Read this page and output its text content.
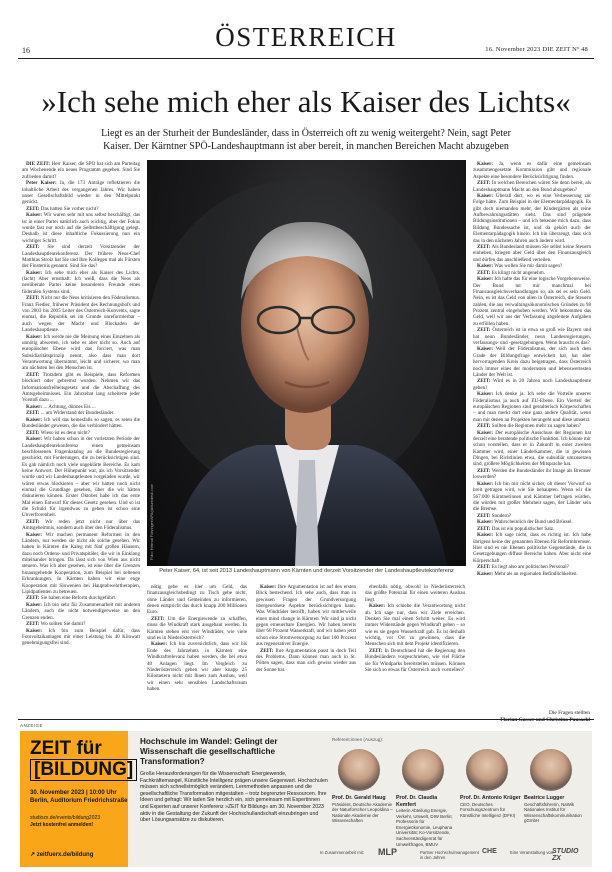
16	ÖSTERREICH	16. November 2023 DIE ZEIT Nº 48
»Ich sehe mich eher als Kaiser des Lichts«
Liegt es an der Sturheit der Bundesländer, dass in Österreich oft zu wenig weitergeht? Nein, sagt Peter Kaiser. Der Kärntner SPÖ-Landeshauptmann ist aber bereit, in manchen Bereichen Macht abzugeben

DIE ZEIT: Herr Kaiser, die SPÖ hat sich am Parteitag am Wochenende ein neues Programm gegeben. Sind Sie zufrieden damit?

Peter Kaiser: Ja, die 173 Anträge reflektieren die inhaltliche Arbeit des vergangenen Jahres. Wir haben unser Gesellschaftsbild wieder in den Mittelpunkt gerückt.

ZEIT: Das hatten Sie vorher nicht?

Kaiser: Wir waren sehr mit uns selbst beschäftigt, das ist in einer Partei natürlich auch wichtig, aber der Fokus wurde fast nur noch auf die Selbstbeschäftigung gelegt. Deshalb ist diese inhaltliche Fokussierung nun ein wichtiger Schritt.

ZEIT: Sie sind derzeit Vorsitzender der Landeshauptleutekonferenz. Der frühere Neos-Chef Matthias Strolz hat Sie und Ihre Kollegen mal als Fürsten der Finsternis genannt. Sind Sie das?

Kaiser: Ich sehe mich eher als Kaiser des Lichts. (lacht) Aber ernsthaft: Ich weiß, dass die Neos als neoliberale Partei keine besonderen Freunde eines föderalen Systems sind.

ZEIT: Nicht nur die Neos kritisieren den Föderalismus. Franz Fiedler, früherer Präsident des Rechnungshofs und von 2003 bis 2005 Leiter des Österreich-Konvents, sagte einmal, die Republik sei im Grunde unreformierbar – auch wegen der Macht und Blockaden der Landeshauptleute.

Kaiser: Ich werde nie die Meinung eines Einzelnen als unnötig abwerten, ich sehe es aber nicht so. Auch auf europäischer Ebene wird das forciert, was man Subsidiaritätsprinzip nennt, also dass man dort Verantwortung übernimmt, leicht und sicherer, wo man am nächsten bei den Menschen ist.

ZEIT: Trotzdem gibt es Beispiele, dass Reformen blockiert oder gebremst wurden. Nehmen wir das Informationsfreiheitsgesetz und die Abschaffung des Amtsgeheimnisses. Ein Jahrzehnt lang scheiterte jeder Vorstoß dazu ...

Kaiser: ... Achtung, dünnes Eis ...

ZEIT: ... am Widerstand der Bundesländer.

Kaiser: Ich will das keinesfalls so sagen, es seien die Bundesländer gewesen, die das verhindert hätten.

ZEIT: Wieso ist es denn nicht?

Kaiser: Wir haben schon in der vorletzten Periode der Landeshauptleutekonferenz einen gemeinsam beschlossenen Fragenkatalog an die Bundesregierung geschickt, mit Forderungen, die zu berücksichtigen sind. Es gab nämlich noch viele ungeklärte Bereiche. Es kam keine Antwort. Der Höhepunkt war, als ich Vorsitzender wurde und wir Landeshauptleuten vorgeladen wurde, wir wären etwas blockieren – aber wir hatten noch nicht einmal die Grundlage gesehen, über die wir hätten diskutieren können. Erster Oktober habe ich das erste Mal einen Entwurf für dieses Gesetz gesehen. Und so ist die Schuld für irgendwas zu gehen ist schon eine Unverfrorenheit.

ZEIT: Wir reden jetzt nicht nur über das Amtsgeheimnis, sondern auch über den Föderalismus.

Kaiser: Wir machen permanent Reformen in den Ländern, nur werden sie nicht als solche gesehen. Wir haben in Kärnten die Kaleg mit fünf großen Häusern, dazu noch Ordens- und Privatspitäler, die wir in Einklang miteinander bringen. Da lässt sich von Wien aus nicht steuern. Was ich aber gesehen, ist eine über die Grenzen hinausgehende Kooperation, zum Beispiel bei seltenen Erkrankungen. In Kärnten haben wir eine enge Kooperation mit Slowenien bei Hauptabwehrtherapien, Lipidpatienten zu betreuen.

ZEIT: Sie haben eine Reform durchgeführt.

Kaiser: Ich bin sehr für Zusammenarbeit mit anderen Ländern, auch die nicht notwendigerweise an den Grenzen enden.

ZEIT: Wo sollten Sie damit?

Kaiser: Ich bin zum Beispiel dafür, dass Fotovoltaikanlagen mit einer Leistung bis 40 Kilowatt genehmigungsfrei sind.

Foto: Helmut Fohringer/APA/picturedesk.com
Peter Kaiser, 64, ist seit 2013 Landeshauptmann von Kärnten und derzeit Vorsitzender der Landeshauptleutekonferenz

nötig gebe es hier um Geld, das finanzausgleichsbedingt zu Tisch gebe nicht, ohne Länder und Gemeinden zu informieren, denen entspricht das durch knapp 200 Millionen Euro.

ZEIT: Um die Energiewende zu schaffen, muss die Windkraft stark ausgebaut werden. In Kärnten stehen erst vier Windräder, wie viele sind es in Niederösterreich?

Kaiser: Ich bin zuversichtlich, dass wir bis Ende des Jahrzehnts in Kärnten eine Windkraftrelevanz haben werden, die bei etwa 40 Anlagen liegt. Im Vergleich zu Niederösterreich geben wir aber knapp 25 Kilometern nicht mit Ihnen zum Ausbau, weil wir einen sehr sensiblen Landschaftsraum haben.

Kaiser: Ihre Argumentation ist auf den ersten Blick bestechend. Ich sehe auch, dass man in gewissen Fragen der Grundversorgung übergeordnete Aspekte berücksichtigen kann. Was Windräder betrifft, haben wir mittlerweile einen mind change in Kärnten. Wir sind ja nicht gegen erneuerbare Energien. Wir haben bereits über 60 Prozent Wasserkraft, und wir haben jetzt schon eine Stromversorgung zu fast 100 Prozent aus regenerativer Energie.

ZEIT: Ihre Argumentation passt in doch Teil des Problems. Dann können man auch in St. Pölten sagen, dass man sich gewiss wieder aus der Sonne hat.

ebenfalls nötig, obwohl in Niederösterreich das größte Potenzial für einen weiteren Ausbau liegt.

Kaiser: Ich schiebe die Verantwortung nicht ab. Ich sage nur, dass wir Ziele erreichen. Denken Sie mal einen Schritt weiter. Es wird immer Widerstände gegen Windkraft geben – so wie es sie gegen Wasserkraft gab. Es ist deshalb wichtig, vor Ort zu gewinnen, dass die Menschen sich mit dem Projekt identifizieren.

ZEIT: In Deutschland hat die Regierung den Bundesländern vorgeschrieben, wie viel Fläche sie für Windparks bereitstellen müssen. Können Sie sich so etwas für Österreich auch vorstellen?

Kaiser: Ja, wenn es dafür eine gemeinsam zusammengesetzte Kommission gibt und regionale Aspekte eine besondere Berücksichtigung finden.

ZEIT: In welchen Bereichen wären Sie denn bereit, als Landeshauptmann Macht an den Bund abzugeben?

Kaiser: Überall dort, wo es eine Verbesserung zur Folge hätte. Zum Beispiel in der Elementarpädagogik. Es gibt doch niemanden mehr, der Kindergärten als reine Aufbewahrungsstätten sieht. Das sind prägende Bildungsinstitutionen – und ich bekenne mich dazu, dass Bildung Bundessache ist, und da gehört auch der Elementarpädagogik hinein. Ich bin überzeugt, dass sich das in den nächsten Jahren auch ändern wird.

ZEIT: Als Bundesland müssen Sie selbst keine Steuern einheben, kriegen aber Geld über den Finanzausgleich und dürfen das anschließend verteilen.

Kaiser: Was wollen Sie mir damit sagen?

ZEIT: Es klingt nicht angenehm.

Kaiser: Ich halte das für eine logische Vorgehensweise. Der Bund tut mir manchmal bei Finanzausgleichsverhandlungen so, als sei es sein Geld. Nein, es ist das Geld von allen in Österreich, die Steuern zahlen, die aus verwaltungsökonomischen Gründen zu 98 Prozent zentral eingehoben werden. Wir bekommen das Geld, weil wir aus der Verfassung abgeleitete Aufgaben zu erfüllen haben.

ZEIT: Österreich ist in etwa so groß wie Bayern und hat neun Bundesländer, neun Landesregierungen, verfassungs- und -gesetzgebungen. Wenn braucht es das?

Kaiser: Weil der Föderalismus, der sich auch dem Grade der Bildungsfrage entwickelt hat, hat aber hervorragenden Kreis dazu beigetragen, dass Österreich noch immer eines der modernsten und lebenswertesten Länder der Welt ist.

ZEIT: Wird es in 20 Jahren noch Landeshauptleute geben?

Kaiser: Ich denke ja. Ich sehe die Vorteile unseres Föderalismus ja auch auf EU-Ebene. Ein Vierteil der europäischen Regionen sind gestalterisch Körperschaften – und man merkt dort eine ganz andere Qualität, wenn man mit denen an Projekten herangeht und diese umsetzt.

ZEIT: Sollten die Regionen mehr zu sagen haben?

Kaiser: Der europäische Ausschuss der Regionen hat derzeit eine beratende politische Funktion. Ich könnte mir schon vorstellen, dass er in Zukunft in einer zweiten Kammer wird, einer Länderkammer, die in gewissen Dingen, bei Richtlinien etwa, die subsidiär umzusetzen sind, größere Möglichkeiten der Mitsprache hat.

ZEIT: Werden die Bundesländer ihr Image als Bremser loswerden?

Kaiser: Ich bin mir nicht sicher, ob dieser Vorwurf so breit getragen wird, wie Sie behaupten. Wenn wir die 567.000 Kärntnerinnen und Kärntner befragen würden, die würden mit großer Mehrheit sagen, der Länder sein die Bremse.

ZEIT: Sondern?

Kaiser: Wahrscheinlich der Bund und Brüssel.

ZEIT: Das ist ein populistischer Satz.

Kaiser: Ich sage nicht, dass es richtig ist. Ich habe übrigens keine der genannten Ebenen für Reformbremser. Hier sind es nie Ebenen politische Gegenstände, die in Gesetzgebungen diffuse Bereiche haben. Aber nicht eine Körperschaft.

ZEIT: Es liegt also am politischen Personal?

Kaiser: Mehr als an regionalen Befindlichkeiten.

Die Fragen stellten
Florian Gasser und Christina Pausackl
ANZEIGE
ZEIT für
[BILDUNG]
30. November 2023 | 10:00 Uhr
Berlin, Auditorium Friedrichstraße
studiozx.de/events/bildung2023
Jetzt kostenfrei anmelden!
↗ zeitfuerx.de/bildung
Hochschule im Wandel: Gelingt der Wissenschaft die gesellschaftliche Transformation?
Große Herausforderungen für die Wissenschaft: Energiewende, Fachkräftemangel, Künstliche Intelligenz prägen unsere Gegenwart. Hochschulen müssen sich schnellstmöglich verändern, Lernmethoden anpassen und die gesellschaftliche Transformation mitgestalten – trotz begrenzter Ressourcen. Ihre Ideen und gefragt: Wir laden Sie herzlich ein, sich gemeinsam mit Expertinnen und Experten auf unserer Konferenz »ZEIT für Bildung« am 30. November 2023 aktiv in die Gestaltung der Zukunft der Hochschullandschaft einzubringen und über Lösungsansätze zu diskutieren.
Referent:innen (Auszug):
Prof. Dr. Gerald Haug
Präsident, Deutsche Akademie der Naturforscher Leopoldina – Nationale Akademie der Wissenschaften
Prof. Dr. Claudia Kemfert
Leiterin Abteilung Energie, Verkehr, Umwelt, DIW Berlin; Professorin für Energieökonomie, Leuphana Universität; Ko-Vorsitzende, Sachverständigenrat für Umweltfragen, BMUV
Prof. Dr. Antonio Krüger
CEO, Deutsches Forschungszentrum für Künstliche Intelligenz (DFKI)
Beatrice Lugger
Geschäftsführerin, NaWik Nationales Institut für Wissenschaftskommunikation gGmbH
In Zusammenarbeit mit: MLP	Partner Hochschulmanagement in den Jahren
CHE	Eine Veranstaltung von:
STUDIO ZX
